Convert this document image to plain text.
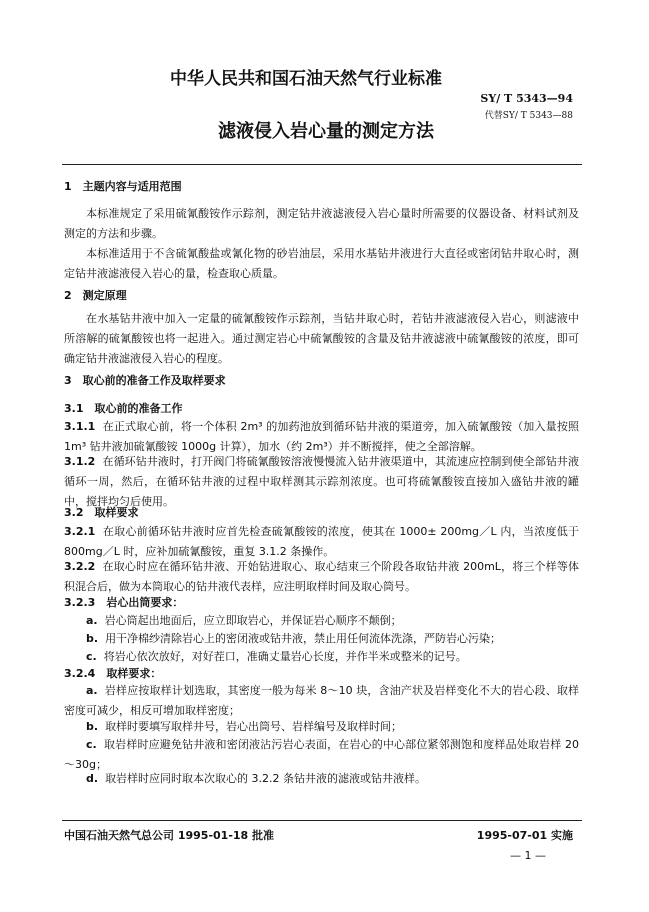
中华人民共和国石油天然气行业标准
SY/ T 5343—94
代替SY/ T 5343—88
滤液侵入岩心量的测定方法
1　主题内容与适用范围
本标准规定了采用硫氰酸铵作示踪剂，测定钻井液滤液侵入岩心量时所需要的仪器设备、材料试剂及测定的方法和步骤。
本标准适用于不含硫氰酸盐或氰化物的砂岩油层，采用水基钻井液进行大直径或密闭钻井取心时，测定钻井液滤液侵入岩心的量，检查取心质量。
2　测定原理
在水基钻井液中加入一定量的硫氰酸铵作示踪剂，当钻井取心时，若钻井液滤液侵入岩心，则滤液中所溶解的硫氰酸铵也将一起进入。通过测定岩心中硫氰酸铵的含量及钻井液滤液中硫氰酸铵的浓度，即可确定钻井液滤液侵入岩心的程度。
3　取心前的准备工作及取样要求
3.1　取心前的准备工作
3.1.1 在正式取心前，将一个体积 2m³ 的加药池放到循环钻井液的渠道旁，加入硫氰酸铵（加入量按照 1m³ 钻井液加硫氰酸铵 1000g 计算），加水（约 2m³）并不断搅拌，使之全部溶解。
3.1.2 在循环钻井液时，打开阀门将硫氰酸铵溶液慢慢流入钻井液渠道中，其流速应控制到使全部钻井液循环一周，然后，在循环钻井液的过程中取样测其示踪剂浓度。也可将硫氰酸铵直接加入盛钻井液的罐中，搅拌均匀后使用。
3.2　取样要求
3.2.1 在取心前循环钻井液时应首先检查硫氰酸铵的浓度，使其在 1000± 200mg／L 内，当浓度低于 800mg／L 时，应补加硫氰酸铵，重复 3.1.2 条操作。
3.2.2 在取心时应在循环钻井液、开始钻进取心、取心结束三个阶段各取钻井液 200mL，将三个样等体积混合后，做为本筒取心的钻井液代表样，应注明取样时间及取心筒号。
3.2.3　岩心出筒要求：
a. 岩心筒起出地面后，应立即取岩心，并保证岩心顺序不颠倒；
b. 用干净棉纱清除岩心上的密闭液或钻井液，禁止用任何流体洗涤，严防岩心污染；
c. 将岩心依次放好，对好茬口，准确丈量岩心长度，并作半米或整米的记号。
3.2.4　取样要求：
a. 岩样应按取样计划选取，其密度一般为每米 8～10 块，含油产状及岩样变化不大的岩心段、取样密度可减少，相反可增加取样密度；
b. 取样时要填写取样井号，岩心出筒号、岩样编号及取样时间；
c. 取岩样时应避免钻井液和密闭液沾污岩心表面，在岩心的中心部位紧邻测饱和度样品处取岩样 20～30g；
d. 取岩样时应同时取本次取心的 3.2.2 条钻井液的滤液或钻井液样。
中国石油天然气总公司 1995-01-18 批准	1995-07-01 实施
— 1 —
